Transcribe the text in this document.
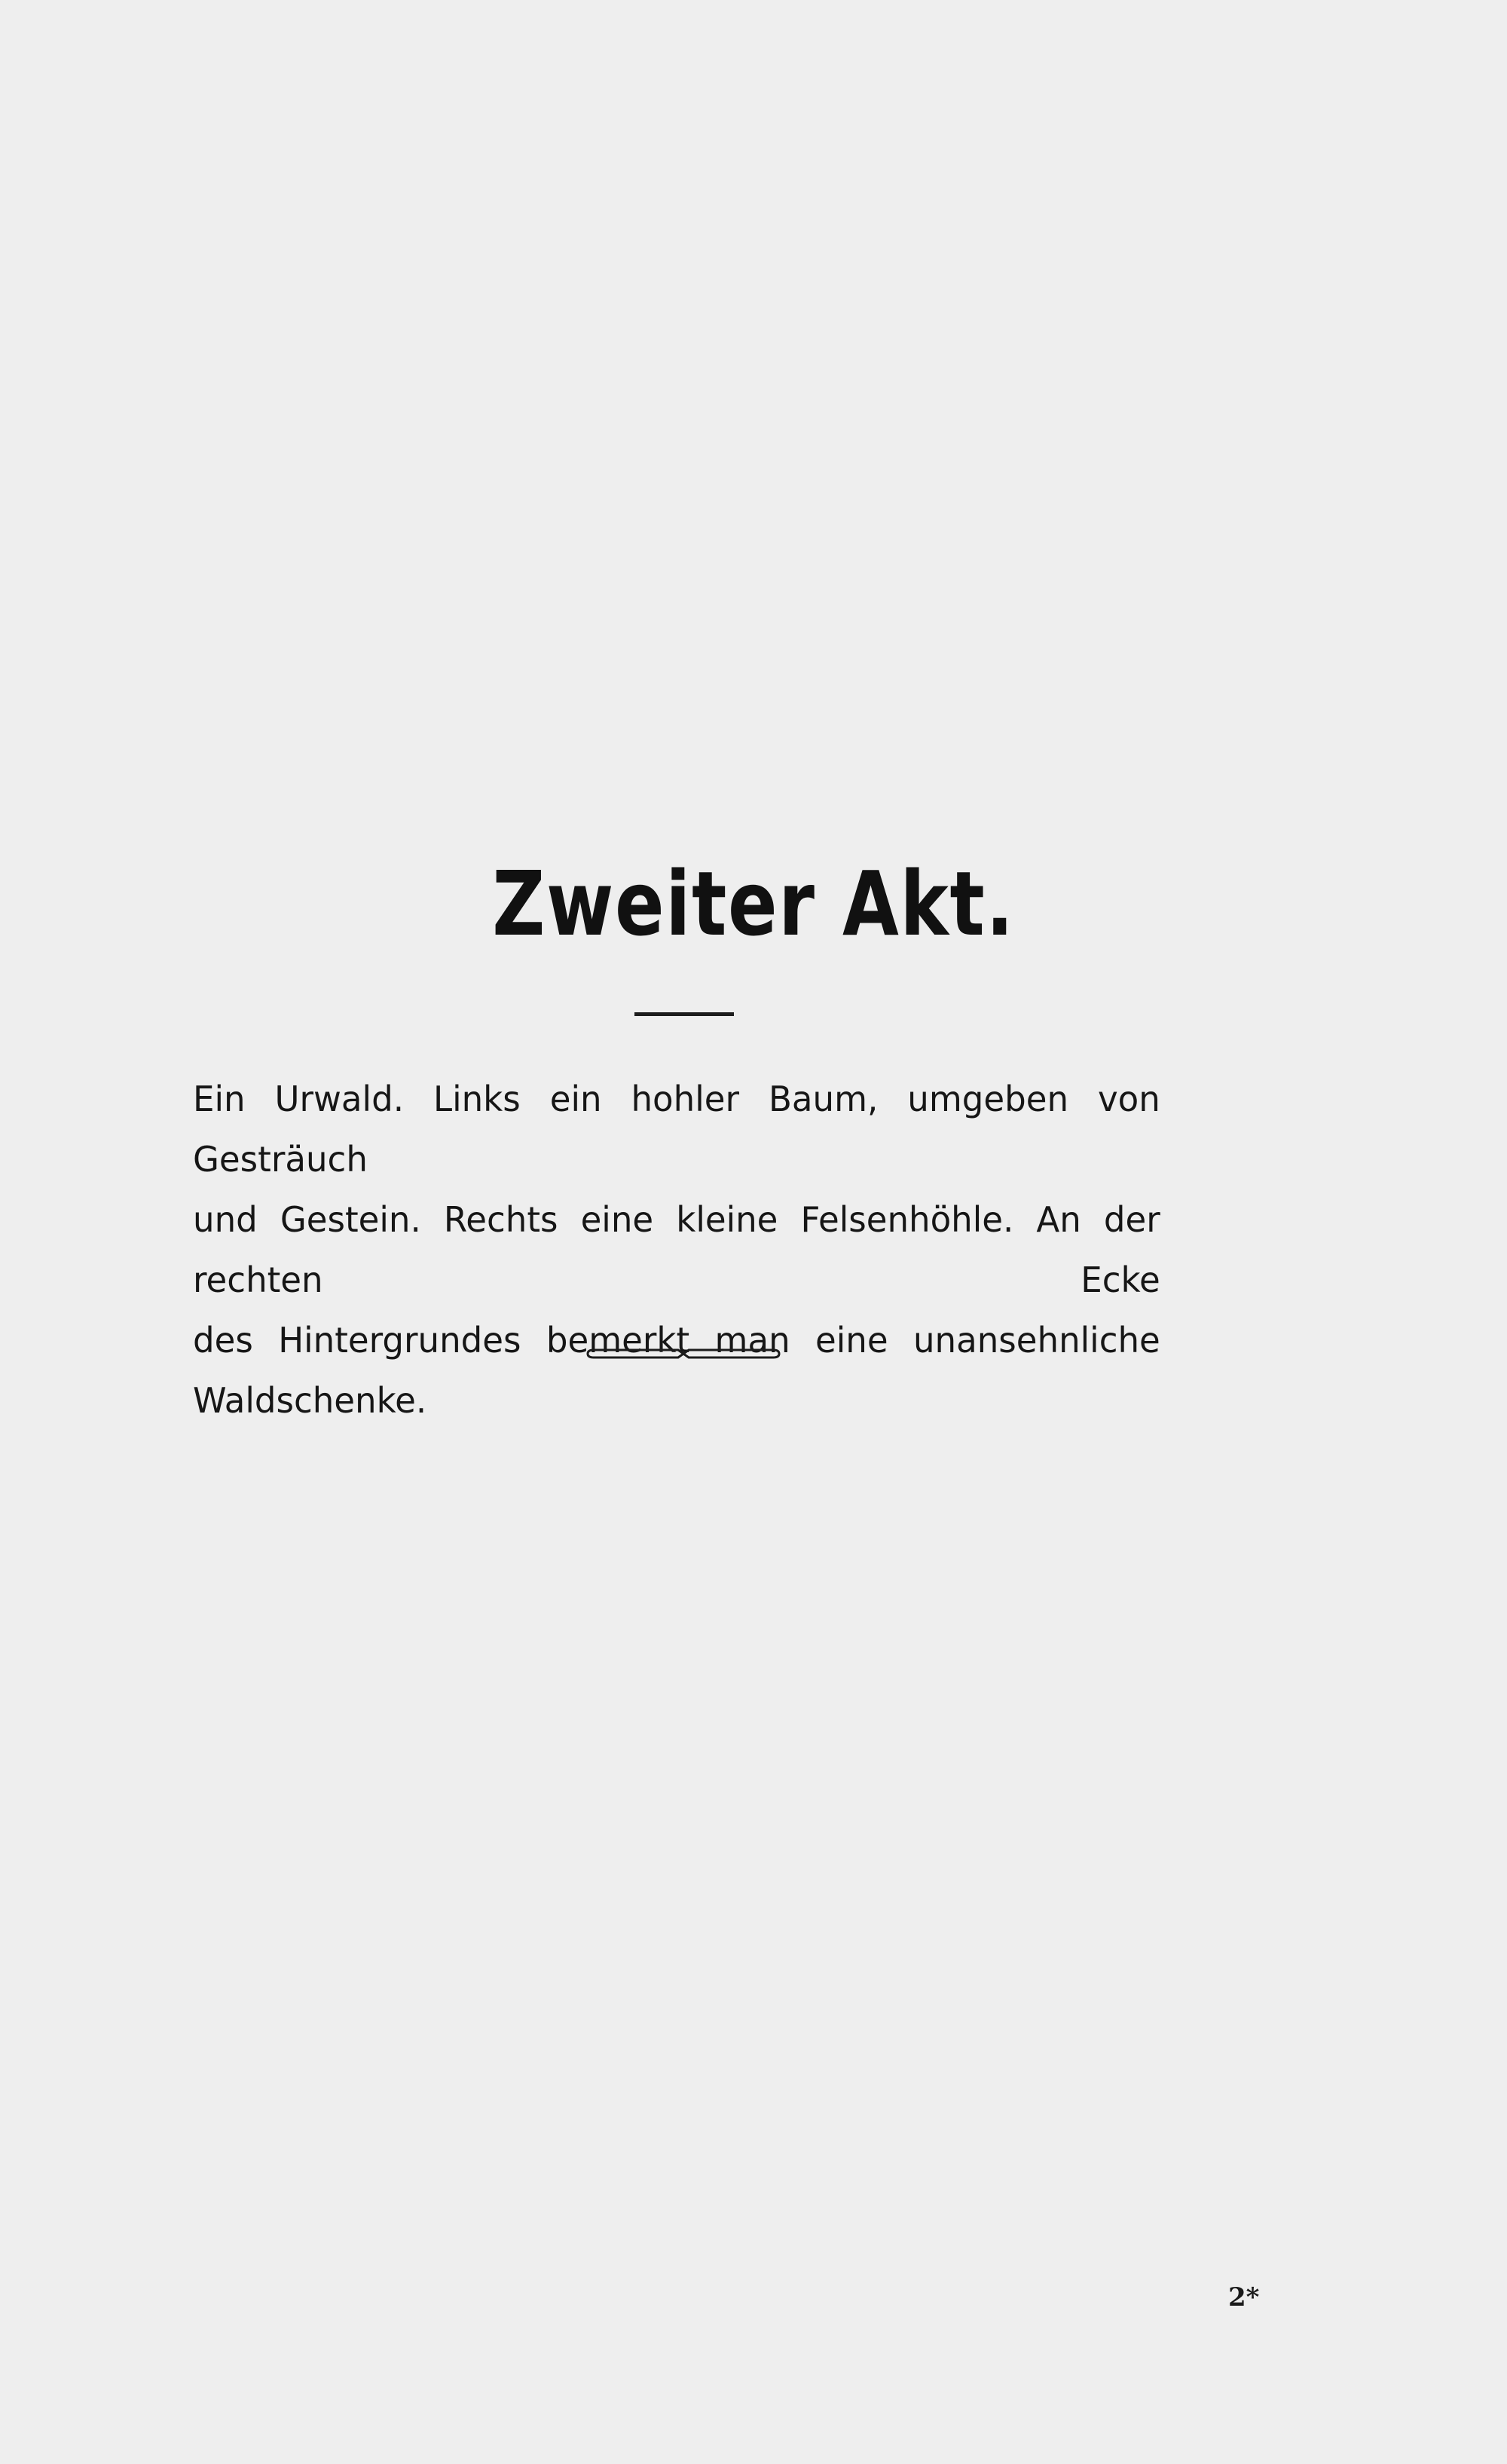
Zweiter Akt.
Ein Urwald. Links ein hohler Baum, umgeben von Gesträuch
und Gestein. Rechts eine kleine Felsenhöhle. An der rechten Ecke
des Hintergrundes bemerkt man eine unansehnliche Waldschenke.
2*
